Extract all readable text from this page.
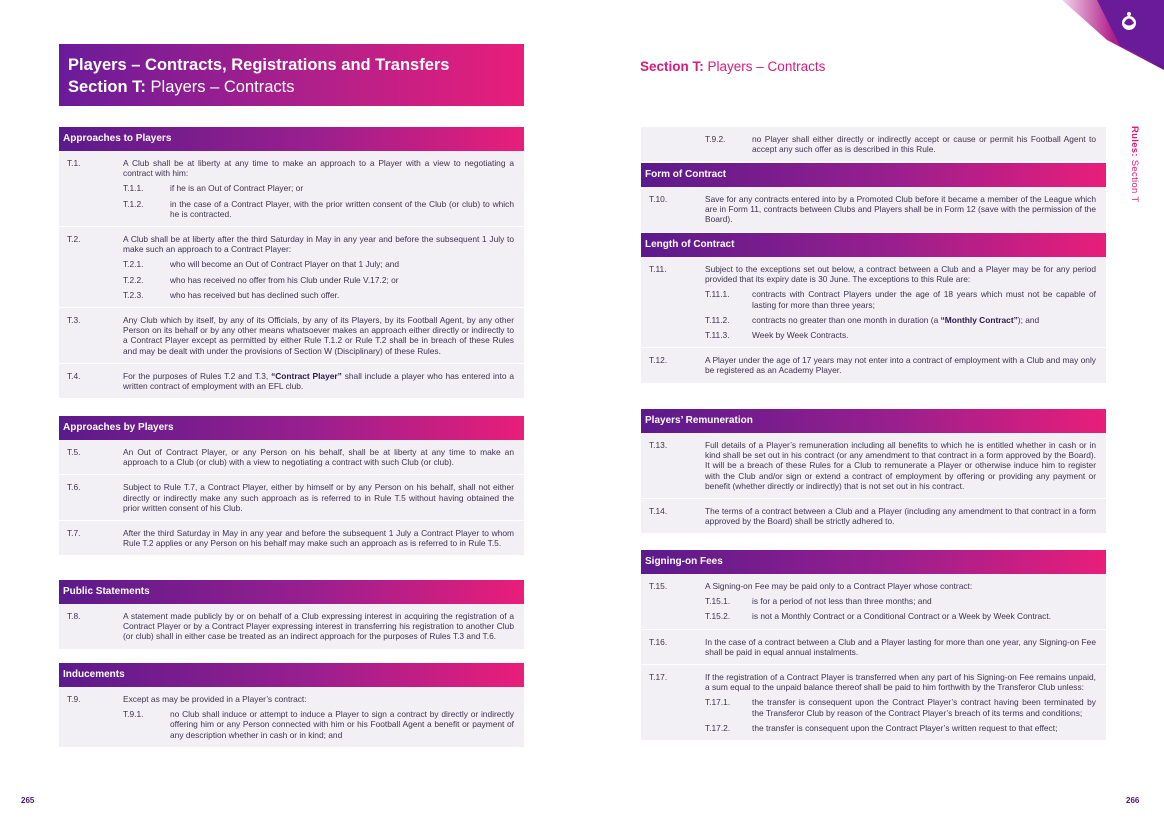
Players – Contracts, Registrations and Transfers
Section T: Players – Contracts
Approaches to Players
T.1.	A Club shall be at liberty at any time to make an approach to a Player with a view to negotiating a contract with him:
T.1.1.	if he is an Out of Contract Player; or
T.1.2.	in the case of a Contract Player, with the prior written consent of the Club (or club) to which he is contracted.
T.2.	A Club shall be at liberty after the third Saturday in May in any year and before the subsequent 1 July to make such an approach to a Contract Player:
T.2.1.	who will become an Out of Contract Player on that 1 July; and
T.2.2.	who has received no offer from his Club under Rule V.17.2; or
T.2.3.	who has received but has declined such offer.
T.3.	Any Club which by itself, by any of its Officials, by any of its Players, by its Football Agent, by any other Person on its behalf or by any other means whatsoever makes an approach either directly or indirectly to a Contract Player except as permitted by either Rule T.1.2 or Rule T.2 shall be in breach of these Rules and may be dealt with under the provisions of Section W (Disciplinary) of these Rules.
T.4.	For the purposes of Rules T.2 and T.3, “Contract Player” shall include a player who has entered into a written contract of employment with an EFL club.
Approaches by Players
T.5.	An Out of Contract Player, or any Person on his behalf, shall be at liberty at any time to make an approach to a Club (or club) with a view to negotiating a contract with such Club (or club).
T.6.	Subject to Rule T.7, a Contract Player, either by himself or by any Person on his behalf, shall not either directly or indirectly make any such approach as is referred to in Rule T.5 without having obtained the prior written consent of his Club.
T.7.	After the third Saturday in May in any year and before the subsequent 1 July a Contract Player to whom Rule T.2 applies or any Person on his behalf may make such an approach as is referred to in Rule T.5.
Public Statements
T.8.	A statement made publicly by or on behalf of a Club expressing interest in acquiring the registration of a Contract Player or by a Contract Player expressing interest in transferring his registration to another Club (or club) shall in either case be treated as an indirect approach for the purposes of Rules T.3 and T.6.
Inducements
T.9.	Except as may be provided in a Player’s contract:
T.9.1.	no Club shall induce or attempt to induce a Player to sign a contract by directly or indirectly offering him or any Person connected with him or his Football Agent a benefit or payment of any description whether in cash or in kind; and
265
Section T: Players – Contracts
Rules: Section T
T.9.2.	no Player shall either directly or indirectly accept or cause or permit his Football Agent to accept any such offer as is described in this Rule.
Form of Contract
T.10.	Save for any contracts entered into by a Promoted Club before it became a member of the League which are in Form 11, contracts between Clubs and Players shall be in Form 12 (save with the permission of the Board).
Length of Contract
T.11.	Subject to the exceptions set out below, a contract between a Club and a Player may be for any period provided that its expiry date is 30 June. The exceptions to this Rule are:
T.11.1.	contracts with Contract Players under the age of 18 years which must not be capable of lasting for more than three years;
T.11.2.	contracts no greater than one month in duration (a “Monthly Contract”); and
T.11.3.	Week by Week Contracts.
T.12.	A Player under the age of 17 years may not enter into a contract of employment with a Club and may only be registered as an Academy Player.
Players’ Remuneration
T.13.	Full details of a Player’s remuneration including all benefits to which he is entitled whether in cash or in kind shall be set out in his contract (or any amendment to that contract in a form approved by the Board). It will be a breach of these Rules for a Club to remunerate a Player or otherwise induce him to register with the Club and/or sign or extend a contract of employment by offering or providing any payment or benefit (whether directly or indirectly) that is not set out in his contract.
T.14.	The terms of a contract between a Club and a Player (including any amendment to that contract in a form approved by the Board) shall be strictly adhered to.
Signing-on Fees
T.15.	A Signing-on Fee may be paid only to a Contract Player whose contract:
T.15.1.	is for a period of not less than three months; and
T.15.2.	is not a Monthly Contract or a Conditional Contract or a Week by Week Contract.
T.16.	In the case of a contract between a Club and a Player lasting for more than one year, any Signing-on Fee shall be paid in equal annual instalments.
T.17.	If the registration of a Contract Player is transferred when any part of his Signing-on Fee remains unpaid, a sum equal to the unpaid balance thereof shall be paid to him forthwith by the Transferor Club unless:
T.17.1.	the transfer is consequent upon the Contract Player’s contract having been terminated by the Transferor Club by reason of the Contract Player’s breach of its terms and conditions;
T.17.2.	the transfer is consequent upon the Contract Player’s written request to that effect;
266
